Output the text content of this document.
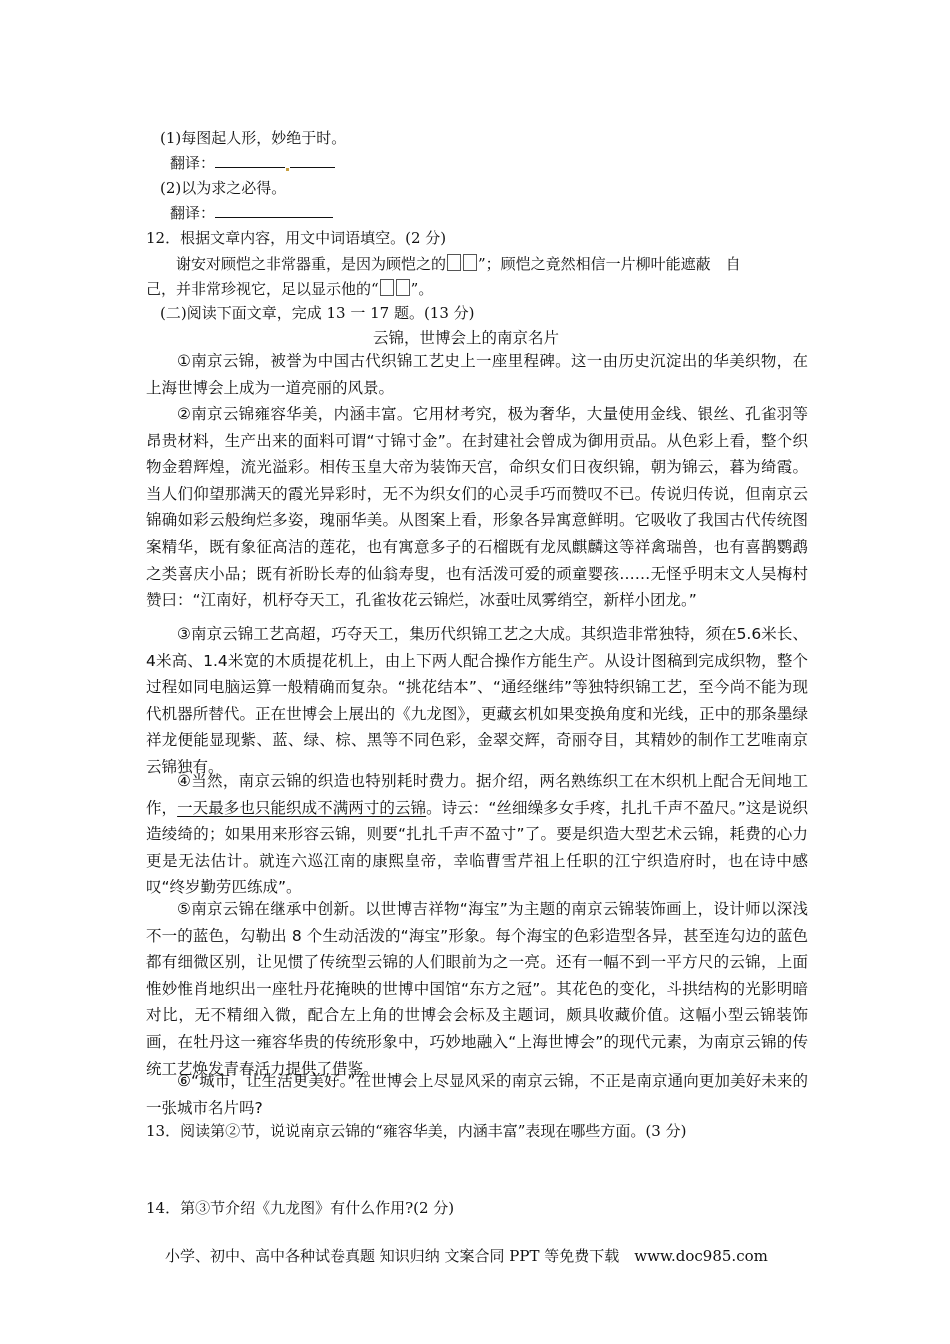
(1)每图起人形，妙绝于时。
翻译：
(2)以为求之必得。
翻译：
12．根据文章内容，用文中词语填空。(2 分)
谢安对顾恺之非常器重，是因为顾恺之的 ”；顾恺之竟然相信一片柳叶能遮蔽　自
己，并非常珍视它，足以显示他的“ ”。
(二)阅读下面文章，完成 13 一 17 题。(13 分)
云锦，世博会上的南京名片
①南京云锦，被誉为中国古代织锦工艺史上一座里程碑。这一由历史沉淀出的华美织物，在上海世博会上成为一道亮丽的风景。
②南京云锦雍容华美，内涵丰富。它用材考究，极为奢华，大量使用金线、银丝、孔雀羽等昂贵材料，生产出来的面料可谓“寸锦寸金”。在封建社会曾成为御用贡品。从色彩上看，整个织物金碧辉煌，流光溢彩。相传玉皇大帝为装饰天宫，命织女们日夜织锦，朝为锦云，暮为绮霞。当人们仰望那满天的霞光异彩时，无不为织女们的心灵手巧而赞叹不已。传说归传说，但南京云锦确如彩云般绚烂多姿，瑰丽华美。从图案上看，形象各异寓意鲜明。它吸收了我国古代传统图案精华，既有象征高洁的莲花，也有寓意多子的石榴既有龙凤麒麟这等祥禽瑞兽，也有喜鹊鹦鹉之类喜庆小品；既有祈盼长寿的仙翁寿叟，也有活泼可爱的顽童婴孩……无怪乎明末文人吴梅村赞曰：“江南好，机杼夺天工，孔雀妆花云锦烂，冰蚕吐凤雾绡空，新样小团龙。”
③南京云锦工艺高超，巧夺天工，集历代织锦工艺之大成。其织造非常独特，须在5.6米长、4米高、1.4米宽的木质提花机上，由上下两人配合操作方能生产。从设计图稿到完成织物，整个过程如同电脑运算一般精确而复杂。“挑花结本”、“通经继纬”等独特织锦工艺，至今尚不能为现代机器所替代。正在世博会上展出的《九龙图》，更藏玄机如果变换角度和光线，正中的那条墨绿祥龙便能显现紫、蓝、绿、棕、黑等不同色彩，金翠交辉，奇丽夺目，其精妙的制作工艺唯南京云锦独有。
④当然，南京云锦的织造也特别耗时费力。据介绍，两名熟练织工在木织机上配合无间地工作，一天最多也只能织成不满两寸的云锦。诗云：“丝细缲多女手疼，扎扎千声不盈尺。”这是说织造绫绮的；如果用来形容云锦，则要“扎扎千声不盈寸”了。要是织造大型艺术云锦，耗费的心力更是无法估计。就连六巡江南的康熙皇帝，幸临曹雪芹祖上任职的江宁织造府时，也在诗中感叹“终岁勤劳匹练成”。
⑤南京云锦在继承中创新。以世博吉祥物“海宝”为主题的南京云锦装饰画上，设计师以深浅不一的蓝色，勾勒出 8 个生动活泼的“海宝”形象。每个海宝的色彩造型各异，甚至连勾边的蓝色都有细微区别，让见惯了传统型云锦的人们眼前为之一亮。还有一幅不到一平方尺的云锦，上面惟妙惟肖地织出一座牡丹花掩映的世博中国馆“东方之冠”。其花色的变化，斗拱结构的光影明暗对比，无不精细入微，配合左上角的世博会会标及主题词，颇具收藏价值。这幅小型云锦装饰画，在牡丹这一雍容华贵的传统形象中，巧妙地融入“上海世博会”的现代元素，为南京云锦的传统工艺焕发青春活力提供了借鉴。
⑥“城市，让生活更美好。”在世博会上尽显风采的南京云锦，不正是南京通向更加美好未来的一张城市名片吗?
13．阅读第②节，说说南京云锦的“雍容华美，内涵丰富”表现在哪些方面。(3 分)
14．第③节介绍《九龙图》有什么作用?(2 分)
小学、初中、高中各种试卷真题 知识归纳 文案合同 PPT 等免费下载　www.doc985.com
